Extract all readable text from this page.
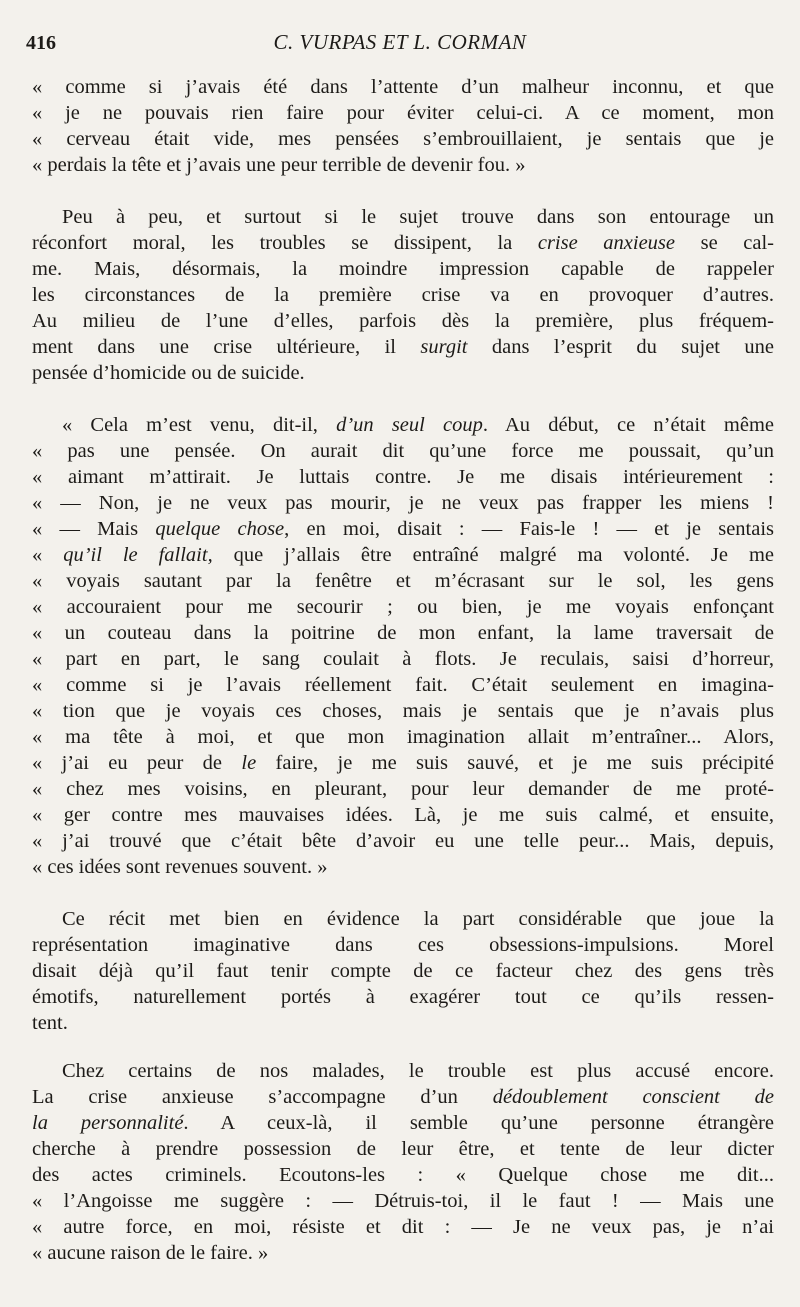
416	C. VURPAS ET L. CORMAN
« comme si j’avais été dans l’attente d’un malheur inconnu, et que
« je ne pouvais rien faire pour éviter celui-ci. A ce moment, mon
« cerveau était vide, mes pensées s’embrouillaient, je sentais que je
« perdais la tête et j’avais une peur terrible de devenir fou. »
Peu à peu, et surtout si le sujet trouve dans son entourage un
réconfort moral, les troubles se dissipent, la crise anxieuse se cal-
me. Mais, désormais, la moindre impression capable de rappeler
les circonstances de la première crise va en provoquer d’autres.
Au milieu de l’une d’elles, parfois dès la première, plus fréquem-
ment dans une crise ultérieure, il surgit dans l’esprit du sujet une
pensée d’homicide ou de suicide.
« Cela m’est venu, dit-il, d’un seul coup. Au début, ce n’était même
« pas une pensée. On aurait dit qu’une force me poussait, qu’un
« aimant m’attirait. Je luttais contre. Je me disais intérieurement :
« — Non, je ne veux pas mourir, je ne veux pas frapper les miens !
« — Mais quelque chose, en moi, disait : — Fais-le ! — et je sentais
« qu’il le fallait, que j’allais être entraîné malgré ma volonté. Je me
« voyais sautant par la fenêtre et m’écrasant sur le sol, les gens
« accouraient pour me secourir ; ou bien, je me voyais enfonçant
« un couteau dans la poitrine de mon enfant, la lame traversait de
« part en part, le sang coulait à flots. Je reculais, saisi d’horreur,
« comme si je l’avais réellement fait. C’était seulement en imagina-
« tion que je voyais ces choses, mais je sentais que je n’avais plus
« ma tête à moi, et que mon imagination allait m’entraîner... Alors,
« j’ai eu peur de le faire, je me suis sauvé, et je me suis précipité
« chez mes voisins, en pleurant, pour leur demander de me proté-
« ger contre mes mauvaises idées. Là, je me suis calmé, et ensuite,
« j’ai trouvé que c’était bête d’avoir eu une telle peur... Mais, depuis,
« ces idées sont revenues souvent. »
Ce récit met bien en évidence la part considérable que joue la
représentation imaginative dans ces obsessions-impulsions. Morel
disait déjà qu’il faut tenir compte de ce facteur chez des gens très
émotifs, naturellement portés à exagérer tout ce qu’ils ressen-
tent.
Chez certains de nos malades, le trouble est plus accusé encore.
La crise anxieuse s’accompagne d’un dédoublement conscient de
la personnalité. A ceux-là, il semble qu’une personne étrangère
cherche à prendre possession de leur être, et tente de leur dicter
des actes criminels. Ecoutons-les : « Quelque chose me dit...
« l’Angoisse me suggère : — Détruis-toi, il le faut ! — Mais une
« autre force, en moi, résiste et dit : — Je ne veux pas, je n’ai
« aucune raison de le faire. »
